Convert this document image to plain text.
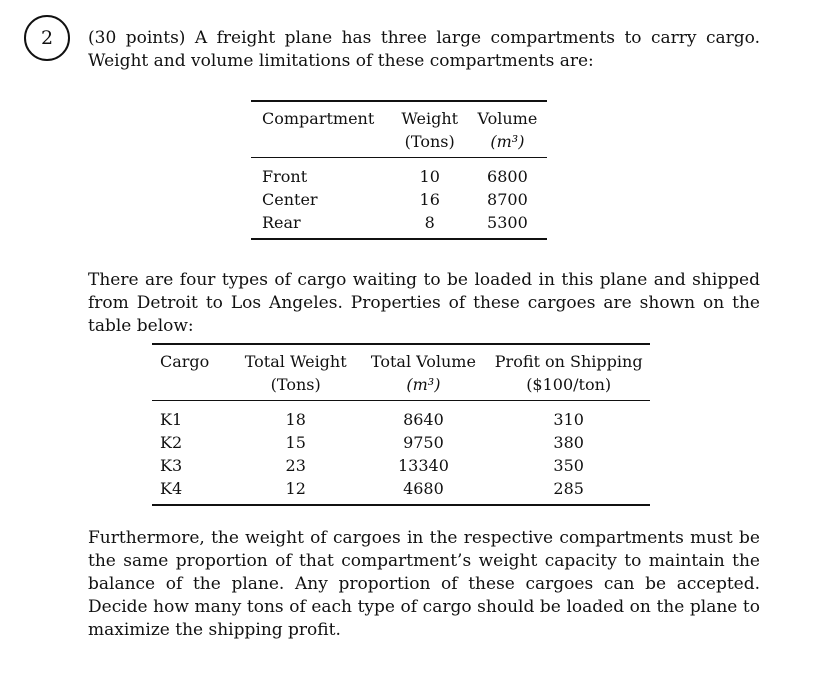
2 (30 points) A freight plane has three large compartments to carry cargo. Weight and volume limitations of these compartments are:

Compartment	Weight	Volume
	(Tons)	(m³)
Front	10	6800
Center	16	8700
Rear	8	5300

There are four types of cargo waiting to be loaded in this plane and shipped from Detroit to Los Angeles. Properties of these cargoes are shown on the table below:

Cargo	Total Weight	Total Volume	Profit on Shipping
	(Tons)	(m³)	($100/ton)
K1	18	8640	310
K2	15	9750	380
K3	23	13340	350
K4	12	4680	285

Furthermore, the weight of cargoes in the respective compartments must be the same proportion of that compartment’s weight capacity to maintain the balance of the plane. Any proportion of these cargoes can be accepted. Decide how many tons of each type of cargo should be loaded on the plane to maximize the shipping profit.
